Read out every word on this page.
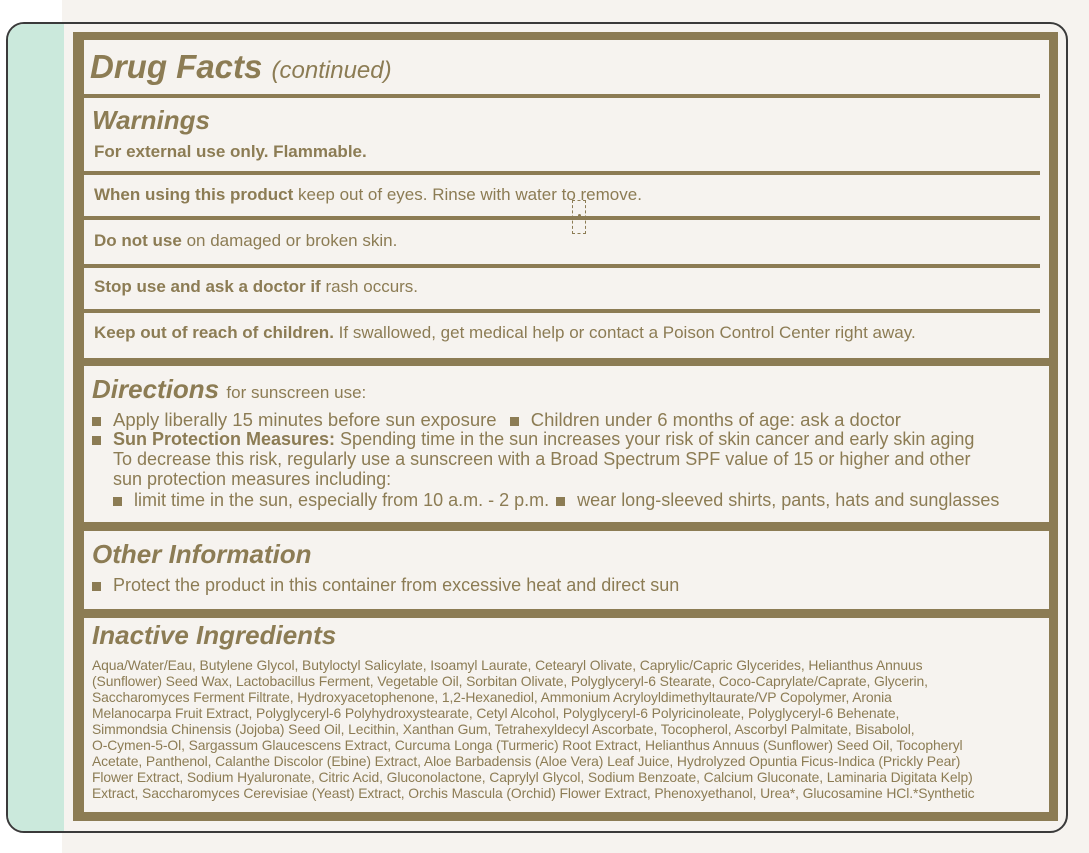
Drug Facts (continued)
Warnings
For external use only. Flammable.
When using this product keep out of eyes. Rinse with water to remove.
Do not use on damaged or broken skin.
Stop use and ask a doctor if rash occurs.
Keep out of reach of children. If swallowed, get medical help or contact a Poison Control Center right away.
Directions for sunscreen use:
Apply liberally 15 minutes before sun exposure Children under 6 months of age: ask a doctor
Sun Protection Measures: Spending time in the sun increases your risk of skin cancer and early skin aging
To decrease this risk, regularly use a sunscreen with a Broad Spectrum SPF value of 15 or higher and other
sun protection measures including:
limit time in the sun, especially from 10 a.m. - 2 p.m. wear long-sleeved shirts, pants, hats and sunglasses
Other Information
Protect the product in this container from excessive heat and direct sun
Inactive Ingredients
Aqua/Water/Eau, Butylene Glycol, Butyloctyl Salicylate, Isoamyl Laurate, Cetearyl Olivate, Caprylic/Capric Glycerides, Helianthus Annuus
(Sunflower) Seed Wax, Lactobacillus Ferment, Vegetable Oil, Sorbitan Olivate, Polyglyceryl-6 Stearate, Coco-Caprylate/Caprate, Glycerin,
Saccharomyces Ferment Filtrate, Hydroxyacetophenone, 1,2-Hexanediol, Ammonium Acryloyldimethyltaurate/VP Copolymer, Aronia
Melanocarpa Fruit Extract, Polyglyceryl-6 Polyhydroxystearate, Cetyl Alcohol, Polyglyceryl-6 Polyricinoleate, Polyglyceryl-6 Behenate,
Simmondsia Chinensis (Jojoba) Seed Oil, Lecithin, Xanthan Gum, Tetrahexyldecyl Ascorbate, Tocopherol, Ascorbyl Palmitate, Bisabolol,
O-Cymen-5-Ol, Sargassum Glaucescens Extract, Curcuma Longa (Turmeric) Root Extract, Helianthus Annuus (Sunflower) Seed Oil, Tocopheryl
Acetate, Panthenol, Calanthe Discolor (Ebine) Extract, Aloe Barbadensis (Aloe Vera) Leaf Juice, Hydrolyzed Opuntia Ficus-Indica (Prickly Pear)
Flower Extract, Sodium Hyaluronate, Citric Acid, Gluconolactone, Caprylyl Glycol, Sodium Benzoate, Calcium Gluconate, Laminaria Digitata Kelp)
Extract, Saccharomyces Cerevisiae (Yeast) Extract, Orchis Mascula (Orchid) Flower Extract, Phenoxyethanol, Urea*, Glucosamine HCl.*Synthetic
